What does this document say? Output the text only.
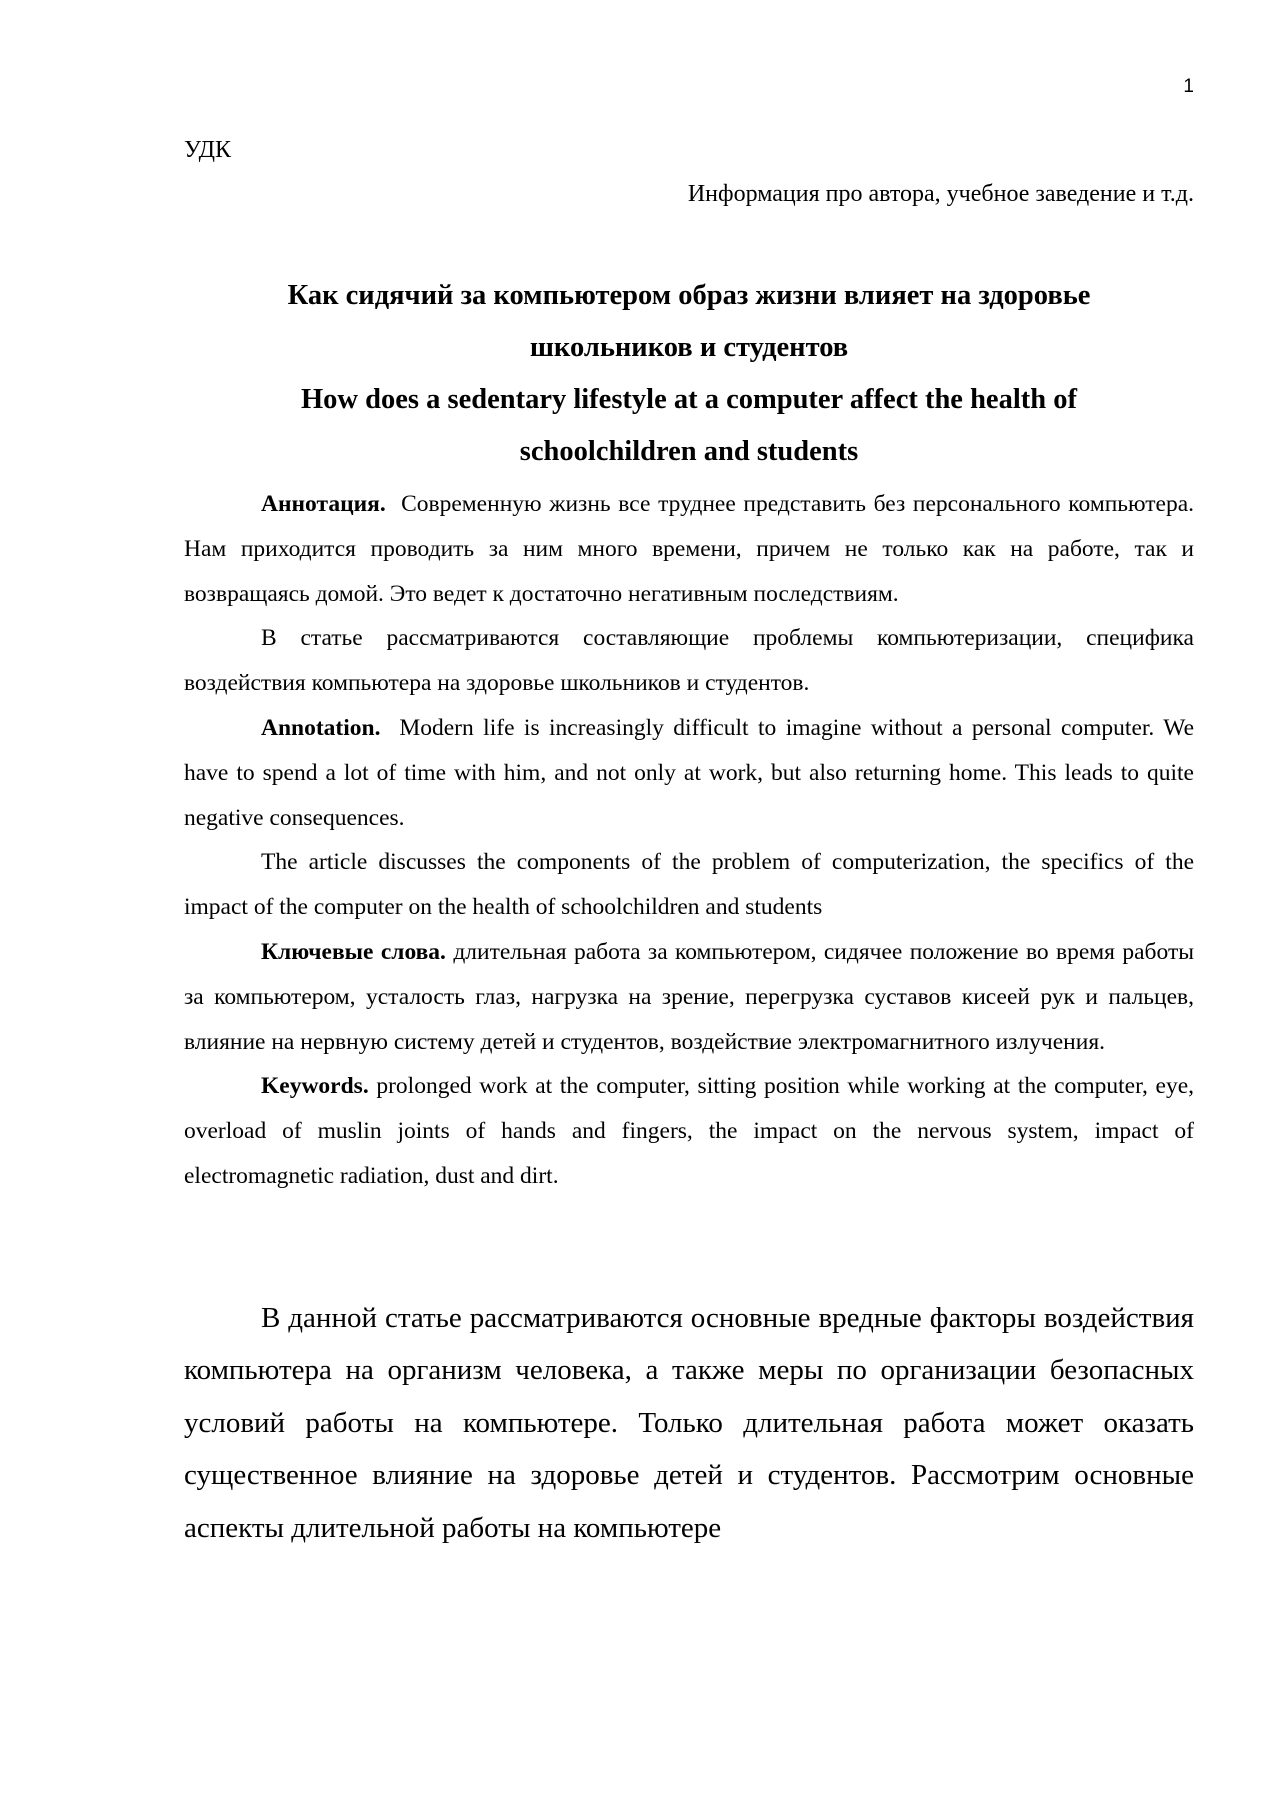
1
УДК
Информация про автора, учебное заведение и т.д.
Как сидячий за компьютером образ жизни влияет на здоровье
школьников и студентов
How does a sedentary lifestyle at a computer affect the health of
schoolchildren and students

Аннотация. Современную жизнь все труднее представить без персонального компьютера. Нам приходится проводить за ним много времени, причем не только как на работе, так и возвращаясь домой. Это ведет к достаточно негативным последствиям.

В статье рассматриваются составляющие проблемы компьютеризации, специфика воздействия компьютера на здоровье школьников и студентов.

Annotation. Modern life is increasingly difficult to imagine without a personal computer. We have to spend a lot of time with him, and not only at work, but also returning home. This leads to quite negative consequences.

The article discusses the components of the problem of computerization, the specifics of the impact of the computer on the health of schoolchildren and students

Ключевые слова. длительная работа за компьютером, сидячее положение во время работы за компьютером, усталость глаз, нагрузка на зрение, перегрузка суставов кисеей рук и пальцев, влияние на нервную систему детей и студентов, воздействие электромагнитного излучения.

Keywords. prolonged work at the computer, sitting position while working at the computer, eye, overload of muslin joints of hands and fingers, the impact on the nervous system, impact of electromagnetic radiation, dust and dirt.

В данной статье рассматриваются основные вредные факторы воздействия компьютера на организм человека, а также меры по организации безопасных условий работы на компьютере. Только длительная работа может оказать существенное влияние на здоровье детей и студентов. Рассмотрим основные аспекты длительной работы на компьютере
